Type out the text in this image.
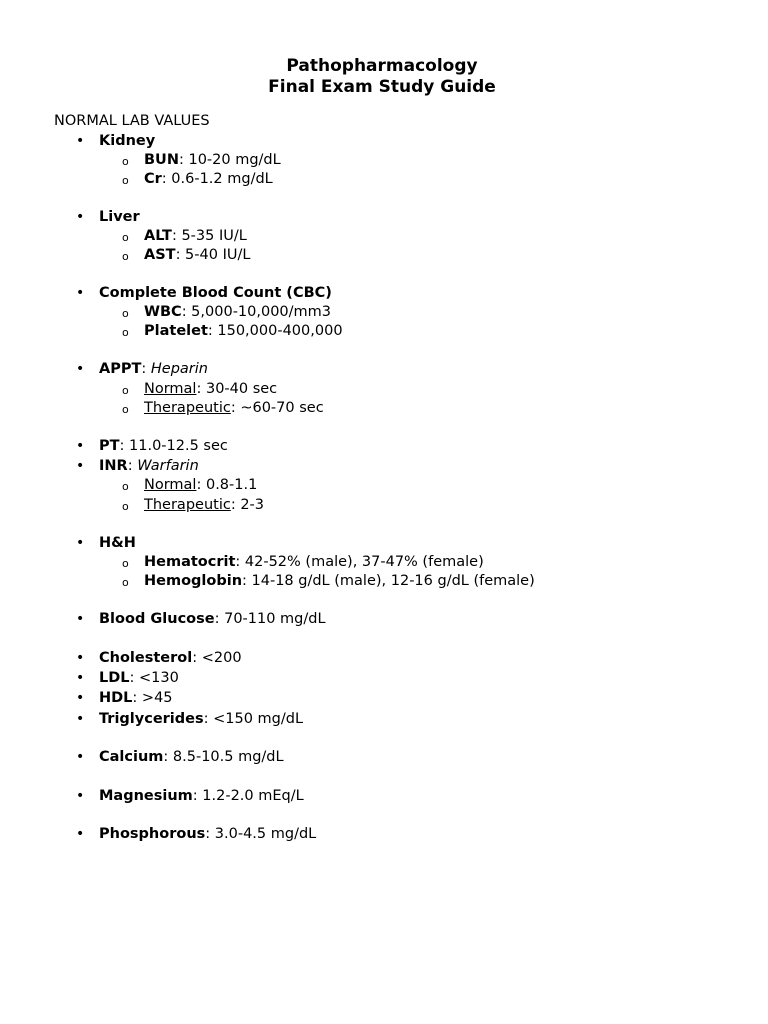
Pathopharmacology
Final Exam Study Guide
NORMAL LAB VALUES
• Kidney
o BUN: 10-20 mg/dL
o Cr: 0.6-1.2 mg/dL
• Liver
o ALT: 5-35 IU/L
o AST: 5-40 IU/L
• Complete Blood Count (CBC)
o WBC: 5,000-10,000/mm3
o Platelet: 150,000-400,000
• APPT: Heparin
o Normal: 30-40 sec
o Therapeutic: ~60-70 sec
• PT: 11.0-12.5 sec
• INR: Warfarin
o Normal: 0.8-1.1
o Therapeutic: 2-3
• H&H
o Hematocrit: 42-52% (male), 37-47% (female)
o Hemoglobin: 14-18 g/dL (male), 12-16 g/dL (female)
• Blood Glucose: 70-110 mg/dL
• Cholesterol: <200
• LDL: <130
• HDL: >45
• Triglycerides: <150 mg/dL
• Calcium: 8.5-10.5 mg/dL
• Magnesium: 1.2-2.0 mEq/L
• Phosphorous: 3.0-4.5 mg/dL
